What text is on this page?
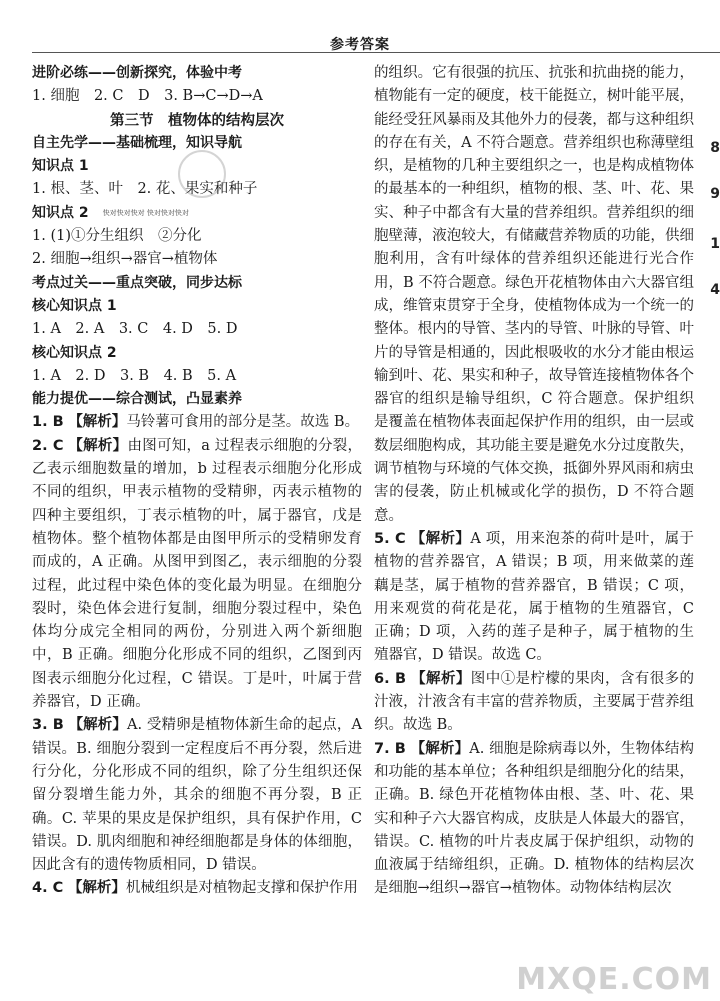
参考答案
进阶必练——创新探究，体验中考
1. 细胞　2. C　D　3. B→C→D→A
第三节　植物体的结构层次
自主先学——基础梳理，知识导航
知识点 1
1. 根、茎、叶　2. 花、果实和种子
知识点 2 快对快对快对 快对快对快对
1. (1)①分生组织　②分化
2. 细胞→组织→器官→植物体
考点过关——重点突破，同步达标
核心知识点 1
1. A　2. A　3. C　4. D　5. D
核心知识点 2
1. A　2. D　3. B　4. B　5. A
能力提优——综合测试，凸显素养
1. B 【解析】马铃薯可食用的部分是茎。故选 B。
2. C 【解析】由图可知，a 过程表示细胞的分裂，乙表示细胞数量的增加，b 过程表示细胞分化形成不同的组织，甲表示植物的受精卵，丙表示植物的四种主要组织，丁表示植物的叶，属于器官，戊是植物体。整个植物体都是由图甲所示的受精卵发育而成的，A 正确。从图甲到图乙，表示细胞的分裂过程，此过程中染色体的变化最为明显。在细胞分裂时，染色体会进行复制，细胞分裂过程中，染色体均分成完全相同的两份，分别进入两个新细胞中，B 正确。细胞分化形成不同的组织，乙图到丙图表示细胞分化过程，C 错误。丁是叶，叶属于营养器官，D 正确。
3. B 【解析】A. 受精卵是植物体新生命的起点，A 错误。B. 细胞分裂到一定程度后不再分裂，然后进行分化，分化形成不同的组织，除了分生组织还保留分裂增生能力外，其余的细胞不再分裂，B 正确。C. 苹果的果皮是保护组织，具有保护作用，C 错误。D. 肌肉细胞和神经细胞都是身体的体细胞，因此含有的遗传物质相同，D 错误。
4. C 【解析】机械组织是对植物起支撑和保护作用
的组织。它有很强的抗压、抗张和抗曲挠的能力，植物能有一定的硬度，枝干能挺立，树叶能平展，能经受狂风暴雨及其他外力的侵袭，都与这种组织的存在有关，A 不符合题意。营养组织也称薄壁组织，是植物的几种主要组织之一，也是构成植物体的最基本的一种组织，植物的根、茎、叶、花、果实、种子中都含有大量的营养组织。营养组织的细胞壁薄，液泡较大，有储藏营养物质的功能，供细胞利用，含有叶绿体的营养组织还能进行光合作用，B 不符合题意。绿色开花植物体由六大器官组成，维管束贯穿于全身，使植物体成为一个统一的整体。根内的导管、茎内的导管、叶脉的导管、叶片的导管是相通的，因此根吸收的水分才能由根运输到叶、花、果实和种子，故导管连接植物体各个器官的组织是输导组织，C 符合题意。保护组织是覆盖在植物体表面起保护作用的组织，由一层或数层细胞构成，其功能主要是避免水分过度散失，调节植物与环境的气体交换，抵御外界风雨和病虫害的侵袭，防止机械或化学的损伤，D 不符合题意。
5. C 【解析】A 项，用来泡茶的荷叶是叶，属于植物的营养器官，A 错误；B 项，用来做菜的莲藕是茎，属于植物的营养器官，B 错误；C 项，用来观赏的荷花是花，属于植物的生殖器官，C 正确；D 项，入药的莲子是种子，属于植物的生殖器官，D 错误。故选 C。
6. B 【解析】图中①是柠檬的果肉，含有很多的汁液，汁液含有丰富的营养物质，主要属于营养组织。故选 B。
7. B 【解析】A. 细胞是除病毒以外，生物体结构和功能的基本单位；各种组织是细胞分化的结果，正确。B. 绿色开花植物体由根、茎、叶、花、果实和种子六大器官构成，皮肤是人体最大的器官，错误。C. 植物的叶片表皮属于保护组织，动物的血液属于结缔组织，正确。D. 植物体的结构层次是细胞→组织→器官→植物体。动物体结构层次
8
9
1
4
MXQE.COM
